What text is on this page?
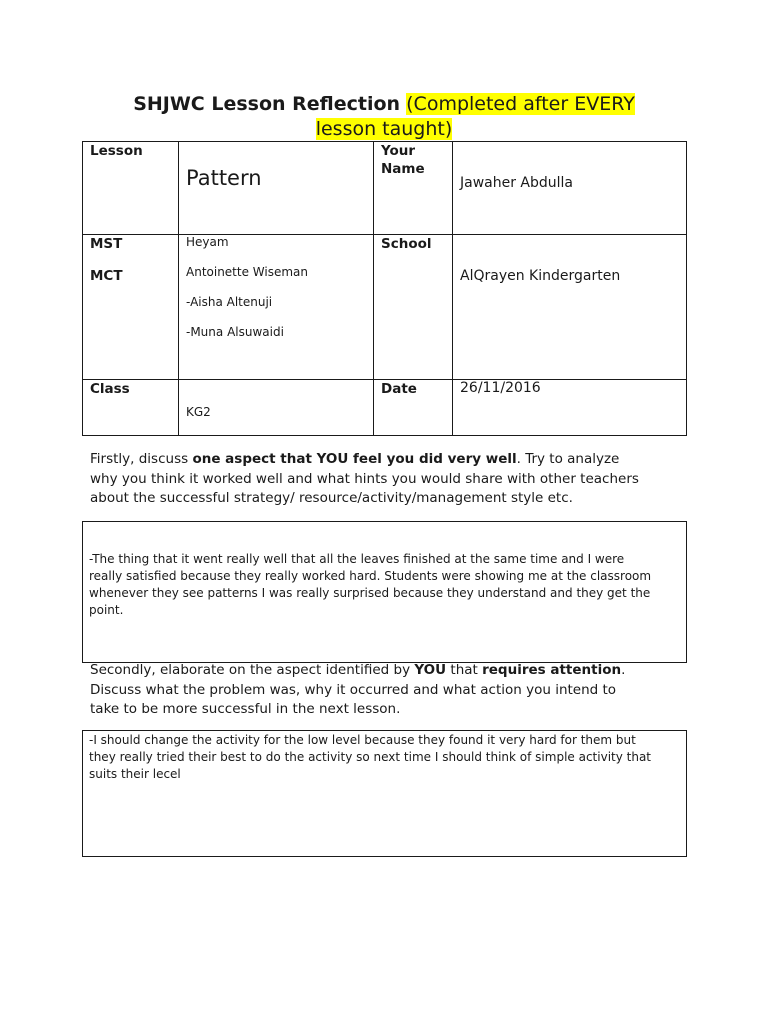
SHJWC Lesson Reflection (Completed after EVERY
lesson taught)
Lesson
Pattern
Your
Name
Jawaher Abdulla
MST
MCT
Heyam
Antoinette Wiseman
-Aisha Altenuji
-Muna Alsuwaidi
School
AlQrayen Kindergarten
Class
KG2
Date	26/11/2016
Firstly, discuss one aspect that YOU feel you did very well. Try to analyze
why you think it worked well and what hints you would share with other teachers
about the successful strategy/ resource/activity/management style etc.
-The thing that it went really well that all the leaves finished at the same time and I were
really satisfied because they really worked hard. Students were showing me at the classroom
whenever they see patterns I was really surprised because they understand and they get the
point.
Secondly, elaborate on the aspect identified by YOU that requires attention.
Discuss what the problem was, why it occurred and what action you intend to
take to be more successful in the next lesson.
-I should change the activity for the low level because they found it very hard for them but
they really tried their best to do the activity so next time I should think of simple activity that
suits their lecel
